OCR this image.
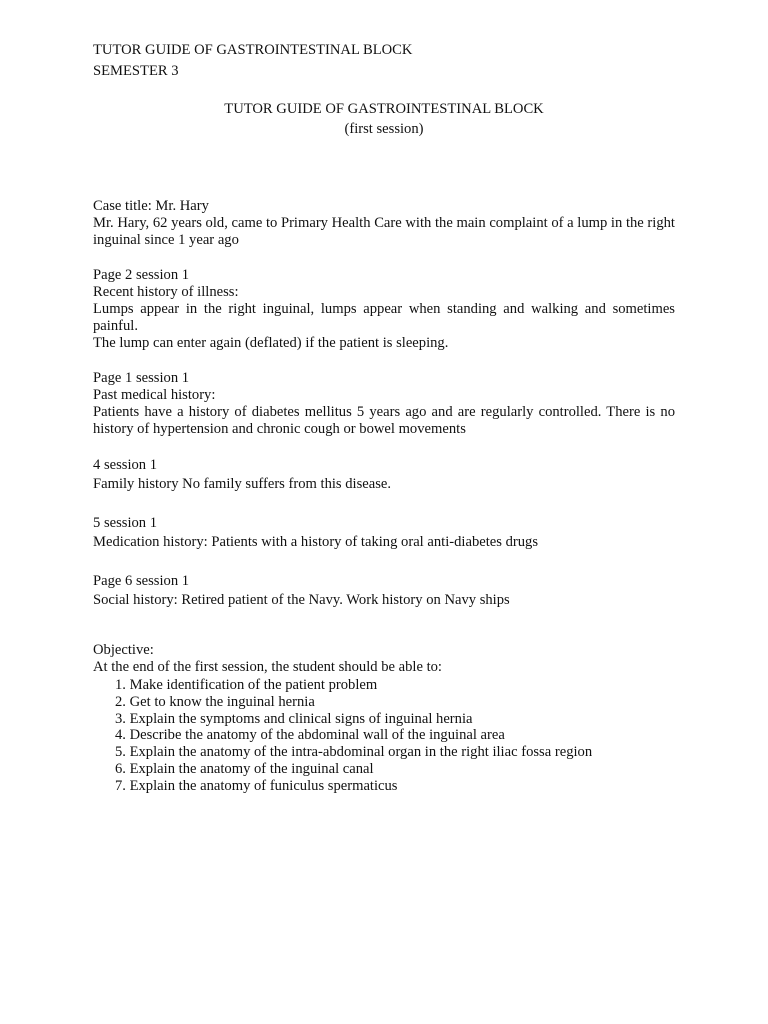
TUTOR GUIDE OF GASTROINTESTINAL BLOCK
SEMESTER 3
TUTOR GUIDE OF GASTROINTESTINAL BLOCK
(first session)
Case title: Mr. Hary
Mr. Hary, 62 years old, came to Primary Health Care with the main complaint of a lump in the right inguinal since 1 year ago
Page 2 session 1
Recent history of illness:
Lumps appear in the right inguinal, lumps appear when standing and walking and sometimes painful.
The lump can enter again (deflated) if the patient is sleeping.
Page 1 session 1
Past medical history:
Patients have a history of diabetes mellitus 5 years ago and are regularly controlled. There is no history of hypertension and chronic cough or bowel movements
4 session 1
Family history No family suffers from this disease.
5 session 1
Medication history: Patients with a history of taking oral anti-diabetes drugs
Page 6 session 1
Social history: Retired patient of the Navy. Work history on Navy ships
Objective:
At the end of the first session, the student should be able to:
1. Make identification of the patient problem
2. Get to know the inguinal hernia
3. Explain the symptoms and clinical signs of inguinal hernia
4. Describe the anatomy of the abdominal wall of the inguinal area
5. Explain the anatomy of the intra-abdominal organ in the right iliac fossa region
6. Explain the anatomy of the inguinal canal
7. Explain the anatomy of funiculus spermaticus
